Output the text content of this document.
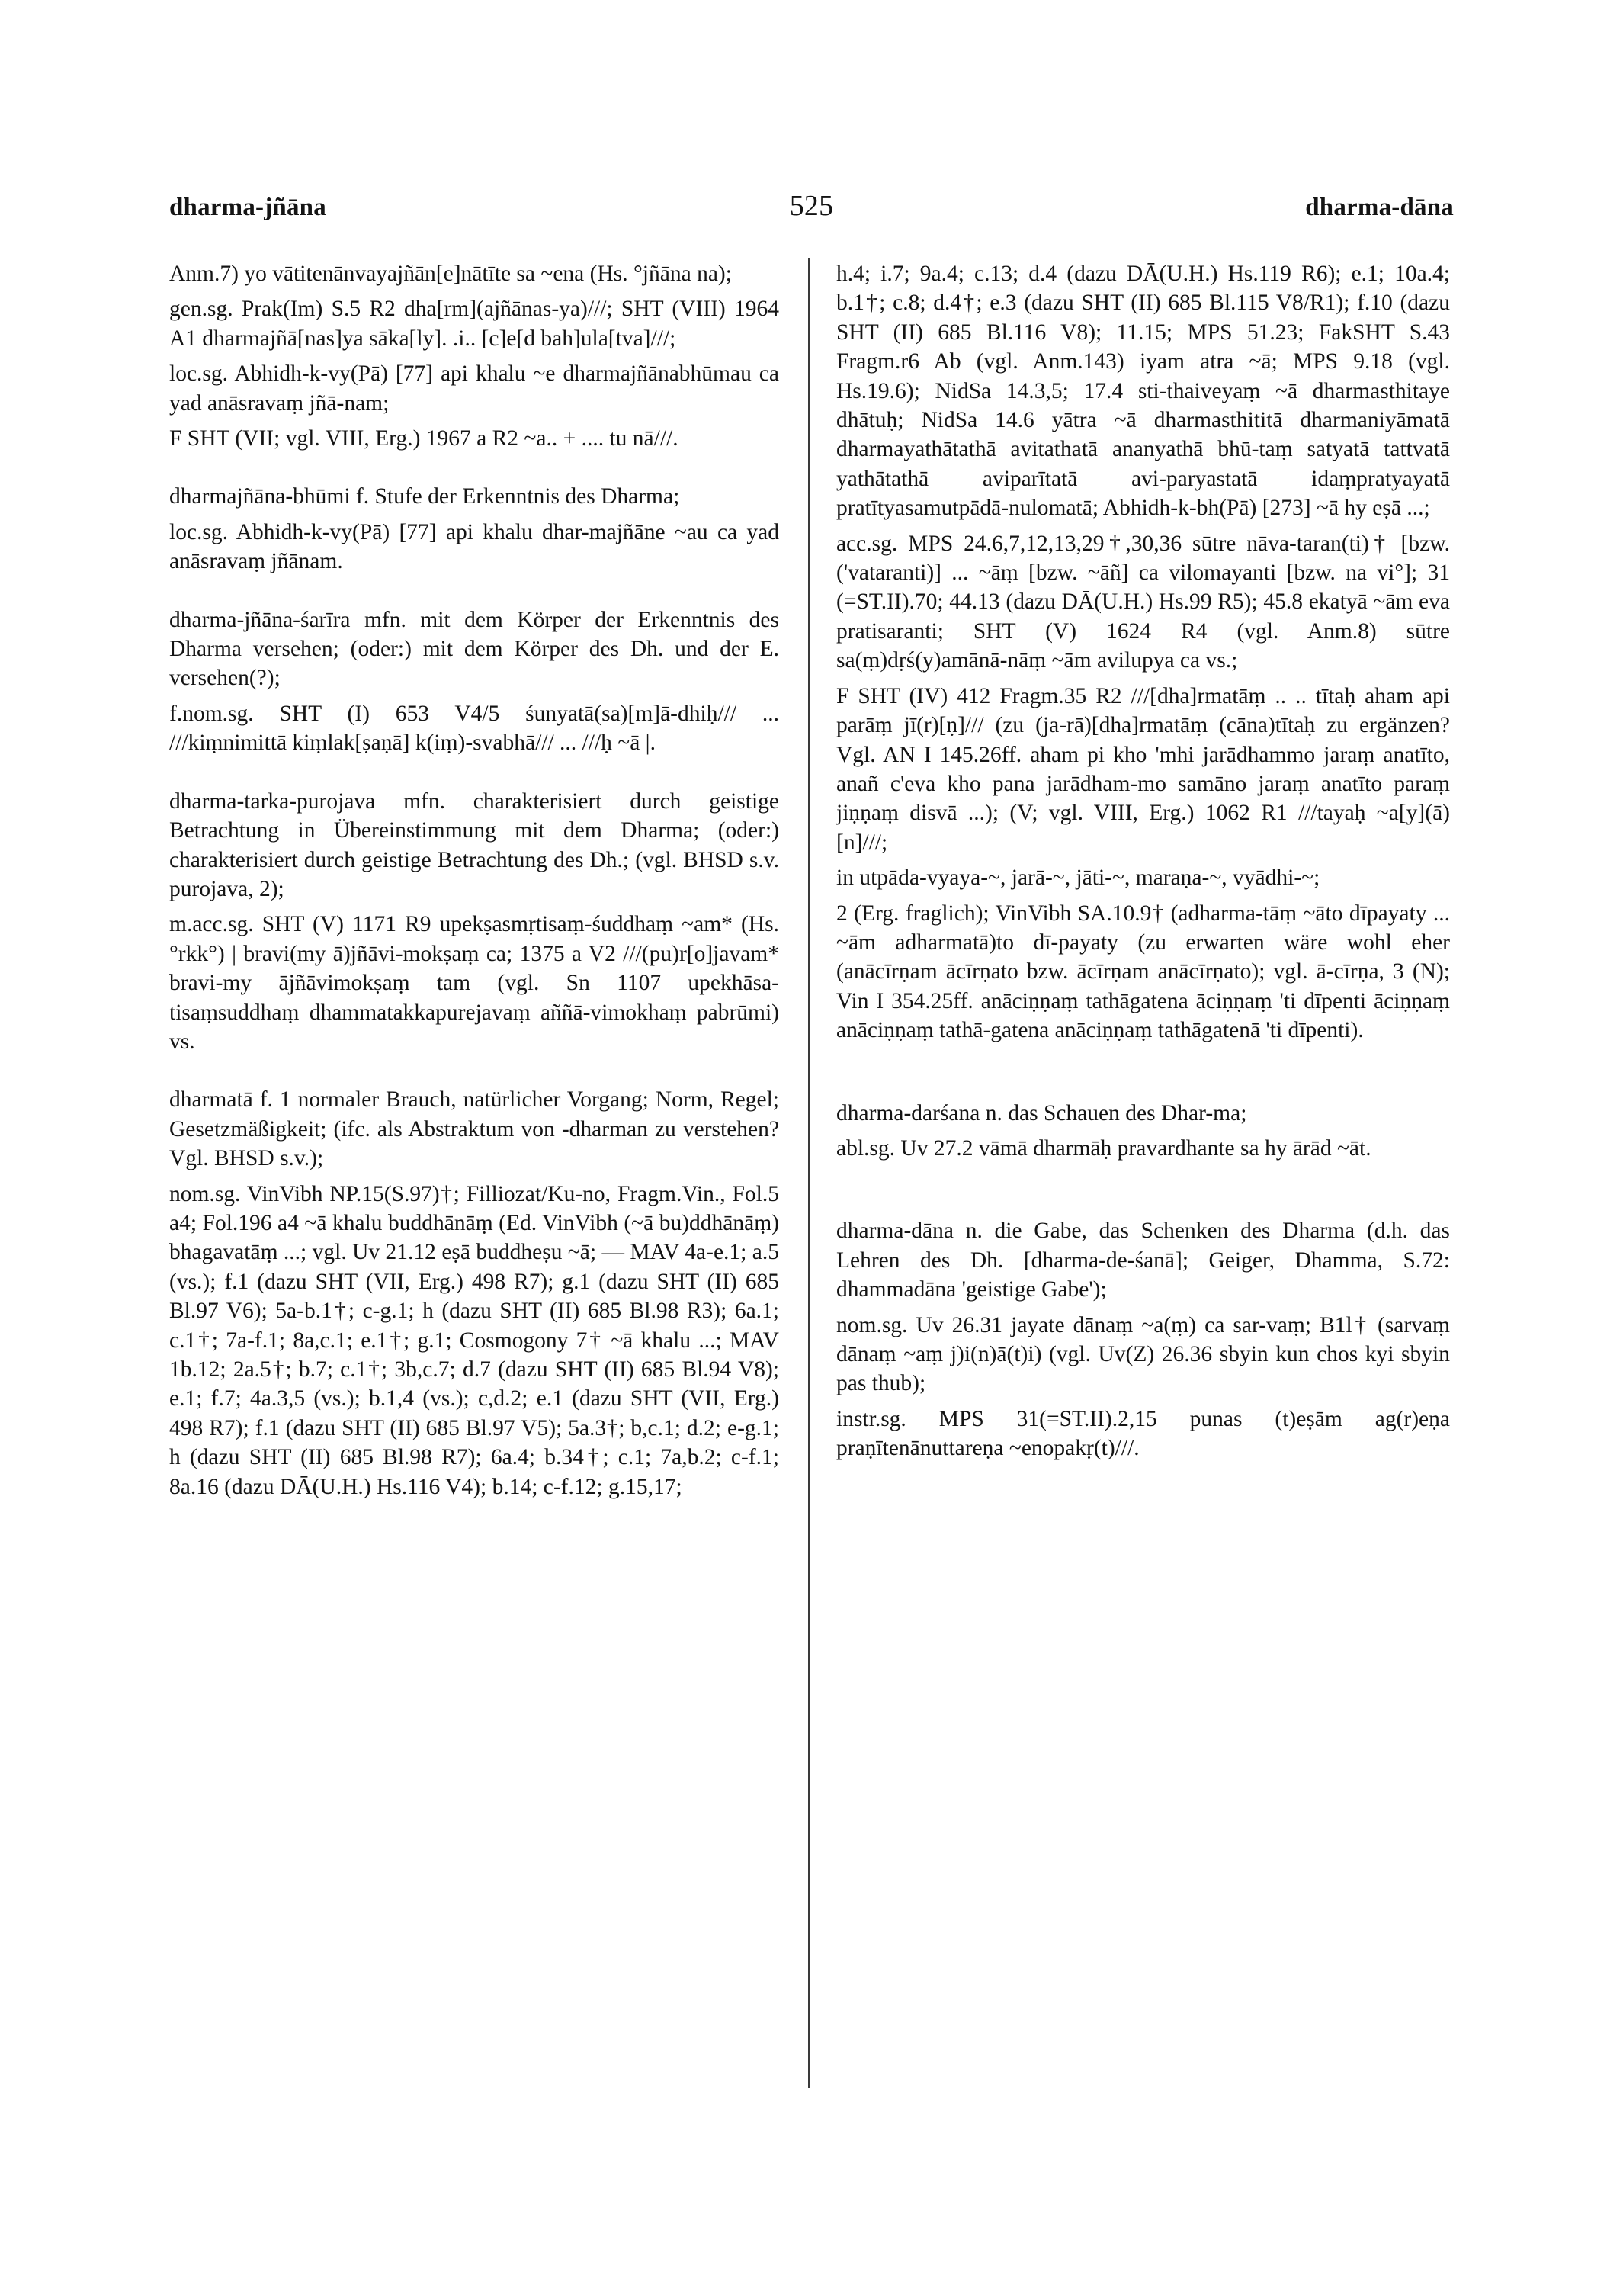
dharma-jñāna	525	dharma-dāna

Anm.7) yo vātitenānvayajñān[e]nātīte sa ~ena (Hs. °jñāna na);

gen.sg. Prak(Im) S.5 R2 dha[rm](ajñānas-ya)///; SHT (VIII) 1964 A1 dharmajñā[nas]ya sāka[ly]. .i.. [c]e[d bah]ula[tva]///;

loc.sg. Abhidh-k-vy(Pā) [77] api khalu ~e dharmajñānabhūmau ca yad anāsravaṃ jñā-nam;

F SHT (VII; vgl. VIII, Erg.) 1967 a R2 ~a.. + .... tu nā///.

dharmajñāna-bhūmi f. Stufe der Erkenntnis des Dharma;

loc.sg. Abhidh-k-vy(Pā) [77] api khalu dhar-majñāne ~au ca yad anāsravaṃ jñānam.

dharma-jñāna-śarīra mfn. mit dem Körper der Erkenntnis des Dharma versehen; (oder:) mit dem Körper des Dh. und der E. versehen(?);

f.nom.sg. SHT (I) 653 V4/5 śunyatā(sa)[m]ā-dhiḥ/// ... ///kiṃnimittā kiṃlak[ṣaṇā] k(iṃ)-svabhā/// ... ///ḥ ~ā |.

dharma-tarka-purojava mfn. charakterisiert durch geistige Betrachtung in Übereinstimmung mit dem Dharma; (oder:) charakterisiert durch geistige Betrachtung des Dh.; (vgl. BHSD s.v. purojava, 2);

m.acc.sg. SHT (V) 1171 R9 upekṣasmṛtisaṃ-śuddhaṃ ~am* (Hs. °rkk°) | bravi(my ā)jñāvi-mokṣaṃ ca; 1375 a V2 ///(pu)r[o]javam* bravi-my ājñāvimokṣaṃ tam (vgl. Sn 1107 upekhāsa-tisaṃsuddhaṃ dhammatakkapurejavaṃ aññā-vimokhaṃ pabrūmi) vs.

dharmatā f. 1 normaler Brauch, natürlicher Vorgang; Norm, Regel; Gesetzmäßigkeit; (ifc. als Abstraktum von -dharman zu verstehen? Vgl. BHSD s.v.);

nom.sg. VinVibh NP.15(S.97)†; Filliozat/Ku-no, Fragm.Vin., Fol.5 a4; Fol.196 a4 ~ā khalu buddhānāṃ (Ed. VinVibh (~ā bu)ddhānāṃ) bhagavatāṃ ...; vgl. Uv 21.12 eṣā buddheṣu ~ā; — MAV 4a-e.1; a.5 (vs.); f.1 (dazu SHT (VII, Erg.) 498 R7); g.1 (dazu SHT (II) 685 Bl.97 V6); 5a-b.1†; c-g.1; h (dazu SHT (II) 685 Bl.98 R3); 6a.1; c.1†; 7a-f.1; 8a,c.1; e.1†; g.1; Cosmogony 7† ~ā khalu ...; MAV 1b.12; 2a.5†; b.7; c.1†; 3b,c.7; d.7 (dazu SHT (II) 685 Bl.94 V8); e.1; f.7; 4a.3,5 (vs.); b.1,4 (vs.); c,d.2; e.1 (dazu SHT (VII, Erg.) 498 R7); f.1 (dazu SHT (II) 685 Bl.97 V5); 5a.3†; b,c.1; d.2; e-g.1; h (dazu SHT (II) 685 Bl.98 R7); 6a.4; b.34†; c.1; 7a,b.2; c-f.1; 8a.16 (dazu DĀ(U.H.) Hs.116 V4); b.14; c-f.12; g.15,17;

h.4; i.7; 9a.4; c.13; d.4 (dazu DĀ(U.H.) Hs.119 R6); e.1; 10a.4; b.1†; c.8; d.4†; e.3 (dazu SHT (II) 685 Bl.115 V8/R1); f.10 (dazu SHT (II) 685 Bl.116 V8); 11.15; MPS 51.23; FakSHT S.43 Fragm.r6 Ab (vgl. Anm.143) iyam atra ~ā; MPS 9.18 (vgl. Hs.19.6); NidSa 14.3,5; 17.4 sti-thaiveyaṃ ~ā dharmasthitaye dhātuḥ; NidSa 14.6 yātra ~ā dharmasthititā dharmaniyāmatā dharmayathātathā avitathatā ananyathā bhū-taṃ satyatā tattvatā yathātathā aviparītatā avi-paryastatā idaṃpratyayatā pratītyasamutpādā-nulomatā; Abhidh-k-bh(Pā) [273] ~ā hy eṣā ...;

acc.sg. MPS 24.6,7,12,13,29†,30,36 sūtre nāva-taran(ti)† [bzw. ('vataranti)] ... ~āṃ [bzw. ~āñ] ca vilomayanti [bzw. na vi°]; 31 (=ST.II).70; 44.13 (dazu DĀ(U.H.) Hs.99 R5); 45.8 ekatyā ~ām eva pratisaranti; SHT (V) 1624 R4 (vgl. Anm.8) sūtre sa(ṃ)dṛś(y)amānā-nāṃ ~ām avilupya ca vs.;

F SHT (IV) 412 Fragm.35 R2 ///[dha]rmatāṃ .. .. tītaḥ aham api parāṃ jī(r)[ṇ]/// (zu (ja-rā)[dha]rmatāṃ (cāna)tītaḥ zu ergänzen? Vgl. AN I 145.26ff. aham pi kho 'mhi jarādhammo jaraṃ anatīto, anañ c'eva kho pana jarādham-mo samāno jaraṃ anatīto paraṃ jiṇṇaṃ disvā ...); (V; vgl. VIII, Erg.) 1062 R1 ///tayaḥ ~a[y](ā) [n]///;

in utpāda-vyaya-~, jarā-~, jāti-~, maraṇa-~, vyādhi-~;

2 (Erg. fraglich); VinVibh SA.10.9† (adharma-tāṃ ~āto dīpayaty ... ~ām adharmatā)to dī-payaty (zu erwarten wäre wohl eher (anācīrṇam ācīrṇato bzw. ācīrṇam anācīrṇato); vgl. ā-cīrṇa, 3 (N); Vin I 354.25ff. anāciṇṇaṃ tathāgatena āciṇṇaṃ 'ti dīpenti āciṇṇaṃ anāciṇṇaṃ tathā-gatena anāciṇṇaṃ tathāgatenā 'ti dīpenti).

dharma-darśana n. das Schauen des Dhar-ma;

abl.sg. Uv 27.2 vāmā dharmāḥ pravardhante sa hy ārād ~āt.

dharma-dāna n. die Gabe, das Schenken des Dharma (d.h. das Lehren des Dh. [dharma-de-śanā]; Geiger, Dhamma, S.72: dhammadāna 'geistige Gabe');

nom.sg. Uv 26.31 jayate dānaṃ ~a(ṃ) ca sar-vaṃ; B1l† (sarvaṃ dānaṃ ~aṃ j)i(n)ā(t)i) (vgl. Uv(Z) 26.36 sbyin kun chos kyi sbyin pas thub);

instr.sg. MPS 31(=ST.II).2,15 punas (t)eṣām ag(r)eṇa praṇītenānuttareṇa ~enopakṛ(t)///.
